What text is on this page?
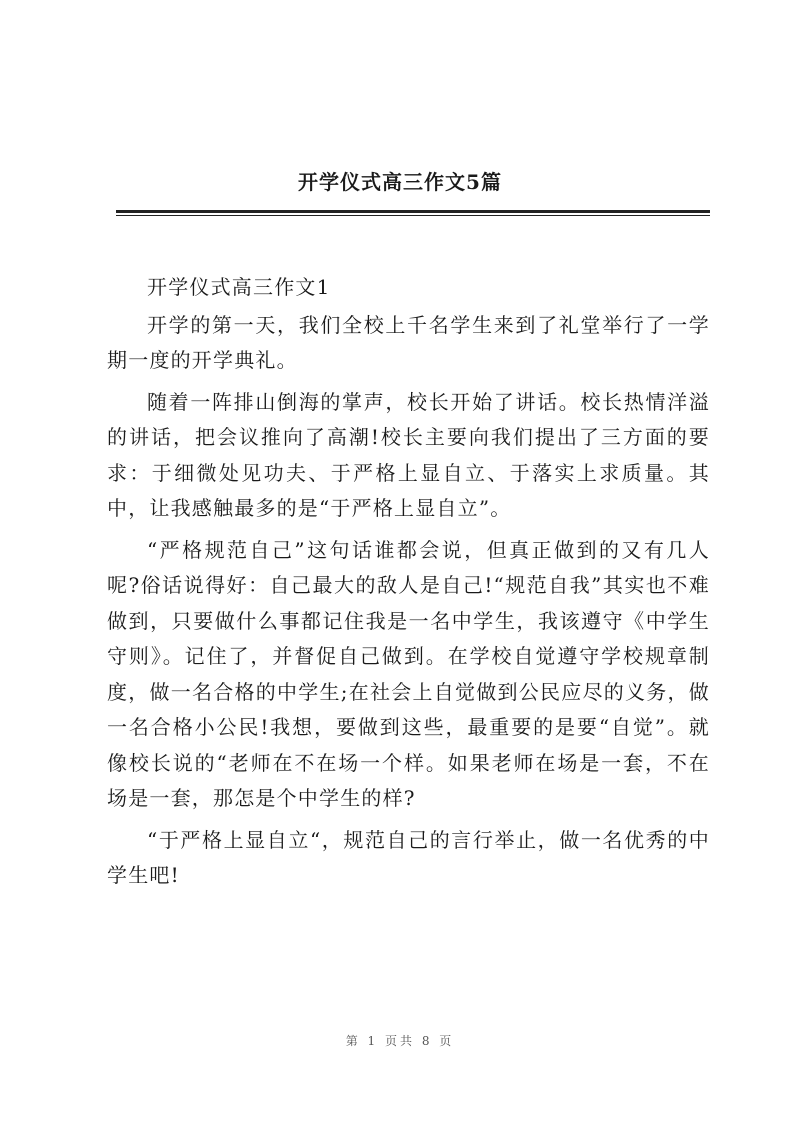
开学仪式高三作文5篇

开学仪式高三作文1

开学的第一天，我们全校上千名学生来到了礼堂举行了一学期一度的开学典礼。

随着一阵排山倒海的掌声，校长开始了讲话。校长热情洋溢的讲话，把会议推向了高潮!校长主要向我们提出了三方面的要求：于细微处见功夫、于严格上显自立、于落实上求质量。其中，让我感触最多的是“于严格上显自立”。

“严格规范自己”这句话谁都会说，但真正做到的又有几人呢?俗话说得好：自己最大的敌人是自己!“规范自我”其实也不难做到，只要做什么事都记住我是一名中学生，我该遵守《中学生守则》。记住了，并督促自己做到。在学校自觉遵守学校规章制度，做一名合格的中学生;在社会上自觉做到公民应尽的义务，做一名合格小公民!我想，要做到这些，最重要的是要“自觉”。就像校长说的“老师在不在场一个样。如果老师在场是一套，不在场是一套，那怎是个中学生的样?

“于严格上显自立“，规范自己的言行举止，做一名优秀的中学生吧!

第 1 页共 8 页
